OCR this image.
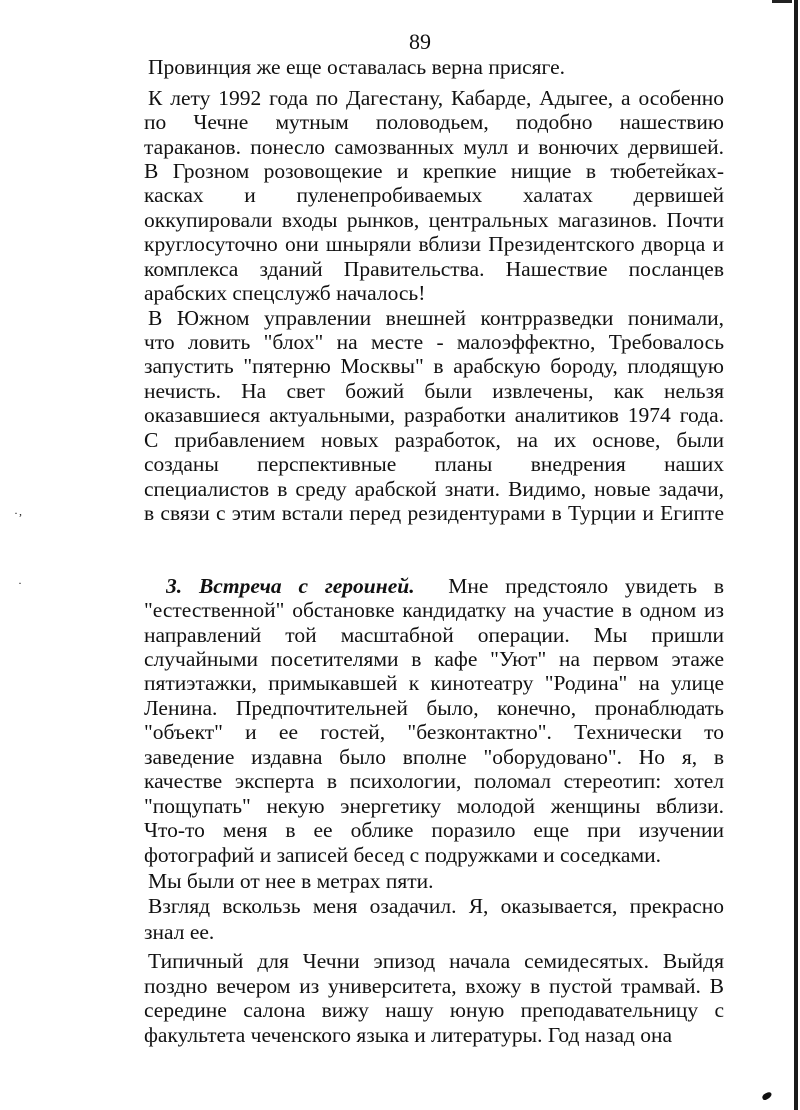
89
Провинция же еще оставалась верна присяге.
К лету 1992 года по Дагестану, Кабарде, Адыгее, а особенно
по Чечне мутным половодьем, подобно нашествию
тараканов. понесло самозванных мулл и вонючих дервишей.
В Грозном розовощекие и крепкие нищие в тюбетейках-
касках и пуленепробиваемых халатах дервишей
оккупировали входы рынков, центральных магазинов. Почти
круглосуточно они шныряли вблизи Президентского дворца и
комплекса зданий Правительства. Нашествие посланцев
арабских спецслужб началось!
В Южном управлении внешней контрразведки понимали,
что ловить "блох" на месте - малоэффектно, Требовалось
запустить "пятерню Москвы" в арабскую бороду, плодящую
нечисть. На свет божий были извлечены, как нельзя
оказавшиеся актуальными, разработки аналитиков 1974 года.
С прибавлением новых разработок, на их основе, были
созданы перспективные планы внедрения наших
специалистов в среду арабской знати. Видимо, новые задачи,
в связи с этим встали перед резидентурами в Турции и Египте
3. Встреча с героиней. Мне предстояло увидеть в
"естественной" обстановке кандидатку на участие в одном из
направлений той масштабной операции. Мы пришли
случайными посетителями в кафе "Уют" на первом этаже
пятиэтажки, примыкавшей к кинотеатру "Родина" на улице
Ленина. Предпочтительней было, конечно, пронаблюдать
"объект" и ее гостей, "безконтактно". Технически то
заведение издавна было вполне "оборудовано". Но я, в
качестве эксперта в психологии, поломал стереотип: хотел
"пощупать" некую энергетику молодой женщины вблизи.
Что-то меня в ее облике поразило еще при изучении
фотографий и записей бесед с подружками и соседками.
Мы были от нее в метрах пяти.
Взгляд вскользь меня озадачил. Я, оказывается, прекрасно
знал ее.
Типичный для Чечни эпизод начала семидесятых. Выйдя
поздно вечером из университета, вхожу в пустой трамвай. В
середине салона вижу нашу юную преподавательницу с
факультета чеченского языка и литературы. Год назад она
· ,
·
